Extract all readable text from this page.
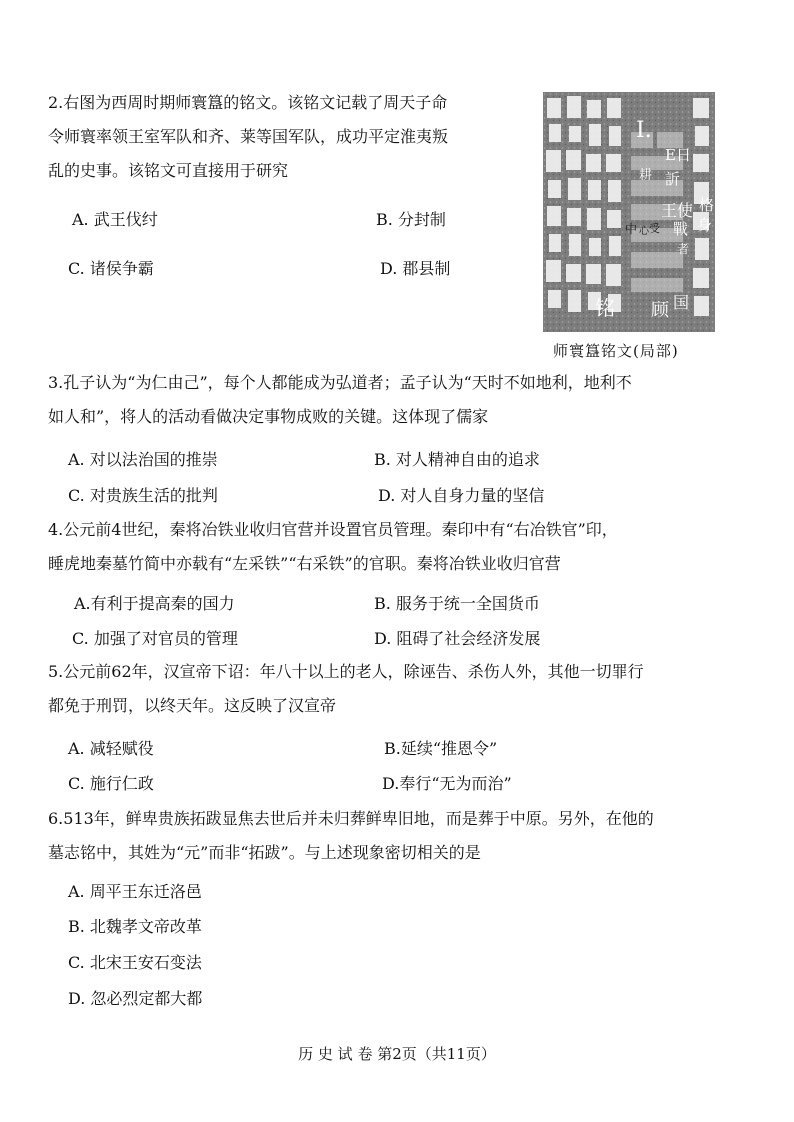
2.右图为西周时期师寰簋的铭文。该铭文记载了周天子命
令师寰率领王室军队和齐、莱等国军队，成功平定淮夷叛
乱的史事。该铭文可直接用于研究
A. 武王伐纣	B. 分封制
C. 诸侯争霸	D. 郡县制
I.
E日
耕 訢
王使 格
身
中 心 受 戰
者
铭 顾 国
师寰簋铭文(局部)
3.孔子认为“为仁由己”，每个人都能成为弘道者；孟子认为“天时不如地利，地利不
如人和”，将人的活动看做决定事物成败的关键。这体现了儒家
A. 对以法治国的推崇	B. 对人精神自由的追求
C. 对贵族生活的批判	D. 对人自身力量的坚信
4.公元前4世纪，秦将冶铁业收归官营并设置官员管理。秦印中有“右冶铁官”印，
睡虎地秦墓竹简中亦载有“左采铁”“右采铁”的官职。秦将冶铁业收归官营
A.有利于提高秦的国力	B. 服务于统一全国货币
C. 加强了对官员的管理	D. 阻碍了社会经济发展
5.公元前62年，汉宣帝下诏：年八十以上的老人，除诬告、杀伤人外，其他一切罪行
都免于刑罚，以终天年。这反映了汉宣帝
A. 减轻赋役	B.延续“推恩令”
C. 施行仁政	D.奉行“无为而治”
6.513年，鲜卑贵族拓跋显焦去世后并未归葬鲜卑旧地，而是葬于中原。另外，在他的
墓志铭中，其姓为“元”而非“拓跋”。与上述现象密切相关的是
A. 周平王东迁洛邑
B. 北魏孝文帝改革
C. 北宋王安石变法
D. 忽必烈定都大都
历 史 试 卷 第2页（共11页）
